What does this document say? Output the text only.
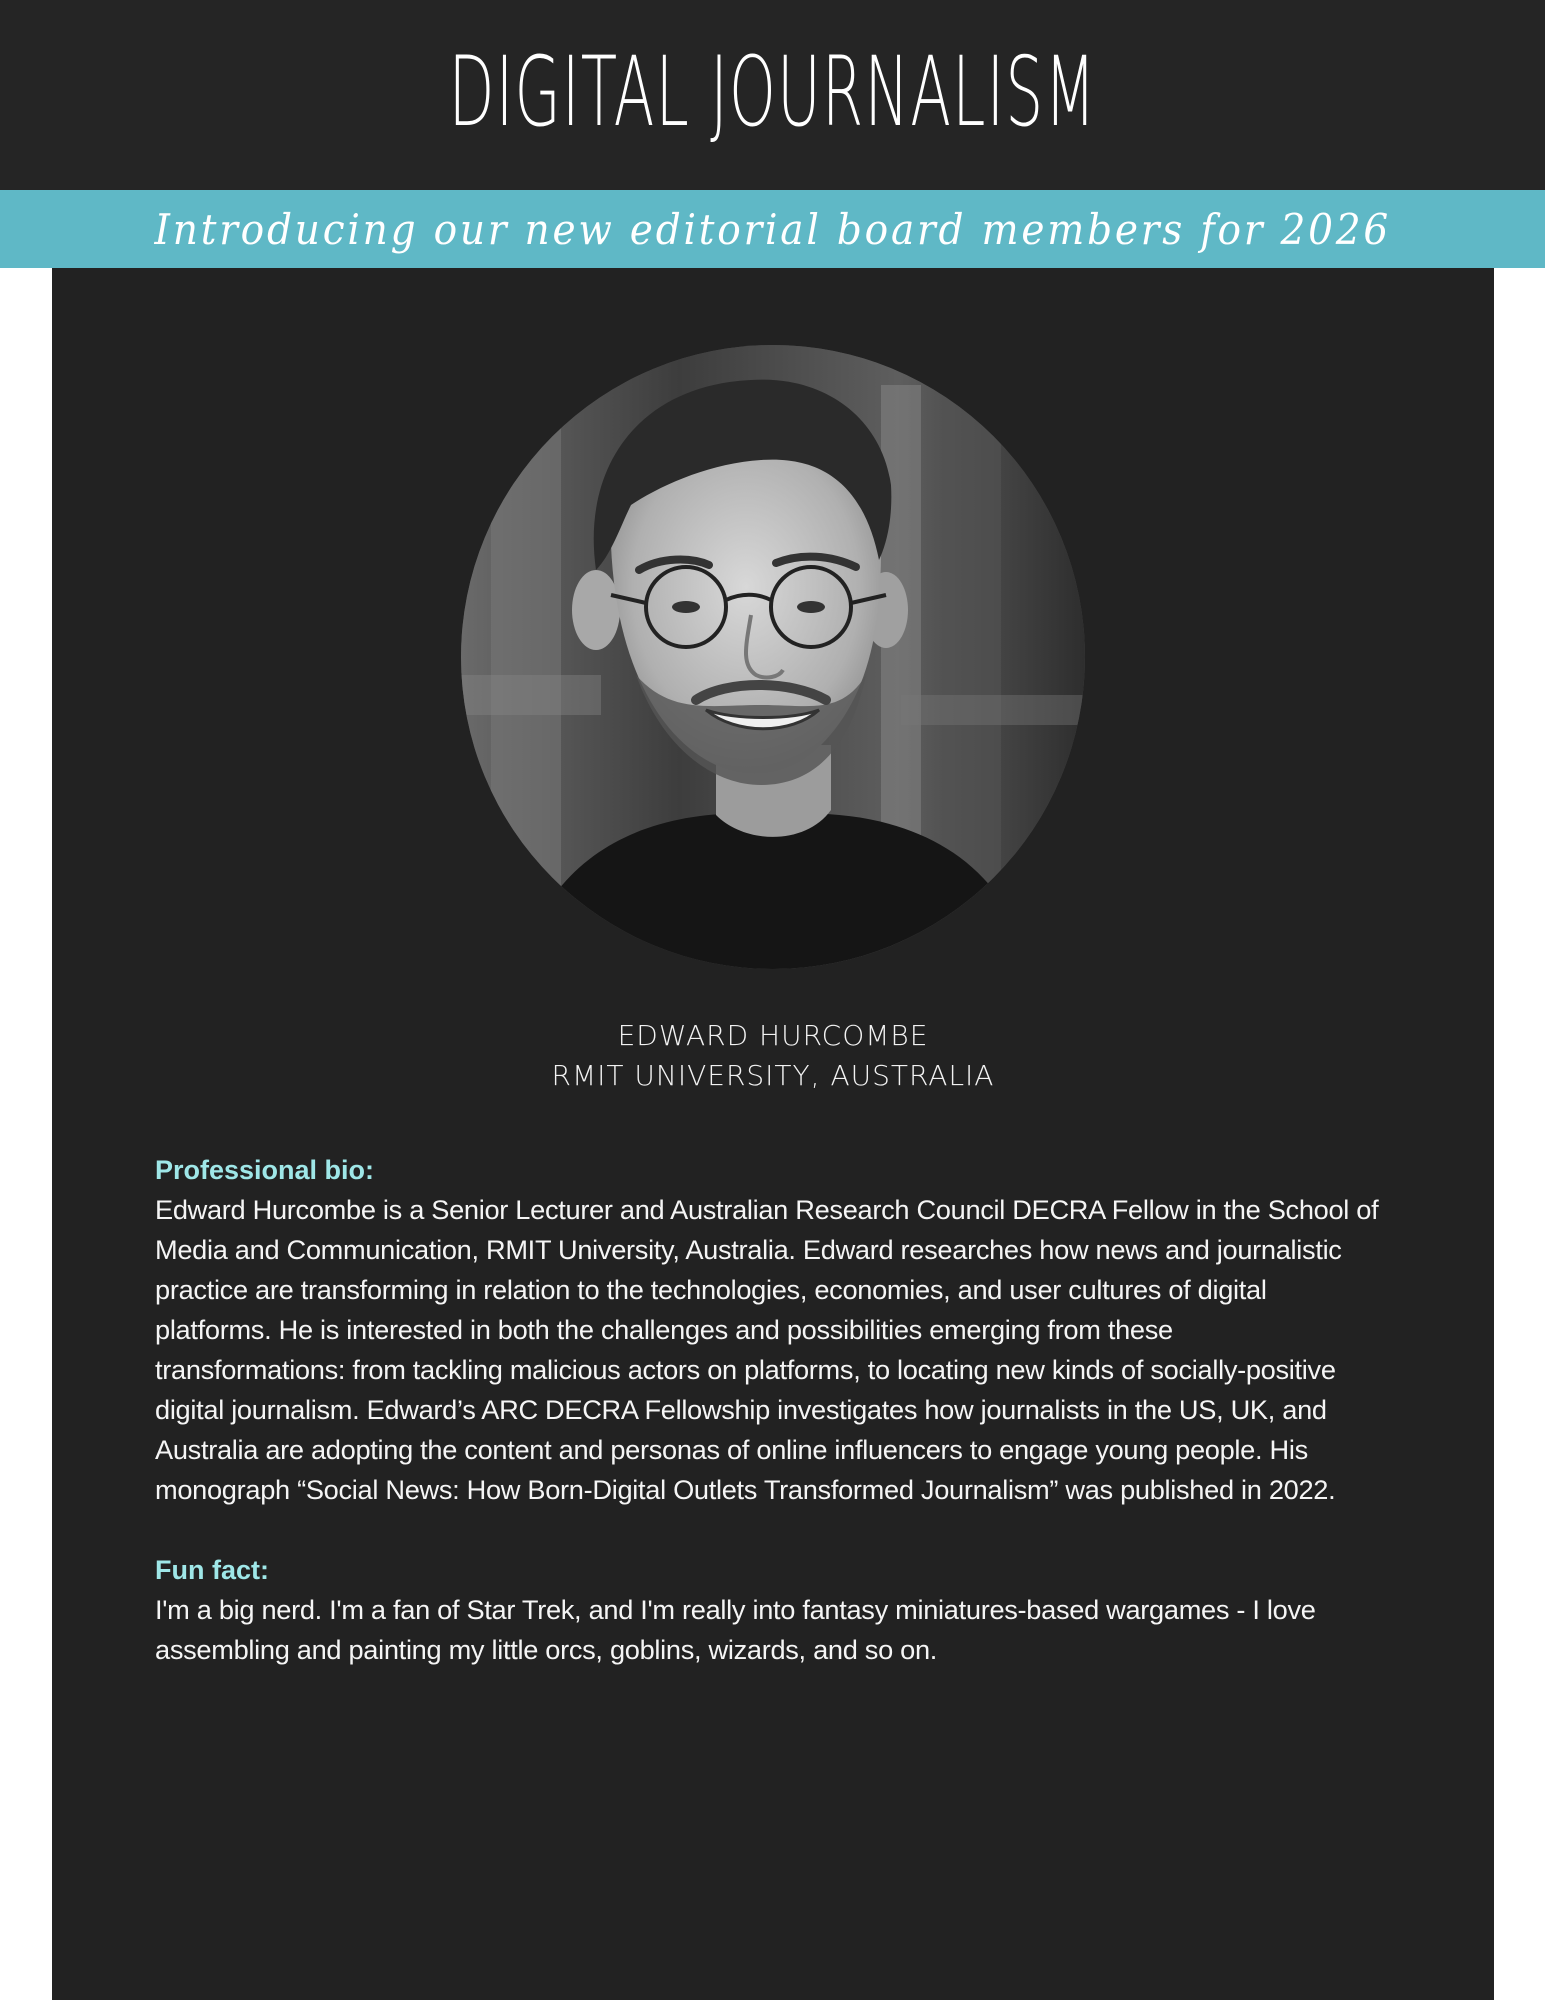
DIGITAL JOURNALISM
Introducing our new editorial board members for 2026
EDWARD HURCOMBE
RMIT UNIVERSITY, AUSTRALIA
Professional bio:
Edward Hurcombe is a Senior Lecturer and Australian Research Council DECRA Fellow in the School of
Media and Communication, RMIT University, Australia. Edward researches how news and journalistic
practice are transforming in relation to the technologies, economies, and user cultures of digital
platforms. He is interested in both the challenges and possibilities emerging from these
transformations: from tackling malicious actors on platforms, to locating new kinds of socially-positive
digital journalism. Edward’s ARC DECRA Fellowship investigates how journalists in the US, UK, and
Australia are adopting the content and personas of online influencers to engage young people. His
monograph “Social News: How Born-Digital Outlets Transformed Journalism” was published in 2022.
Fun fact:
I'm a big nerd. I'm a fan of Star Trek, and I'm really into fantasy miniatures-based wargames - I love
assembling and painting my little orcs, goblins, wizards, and so on.
